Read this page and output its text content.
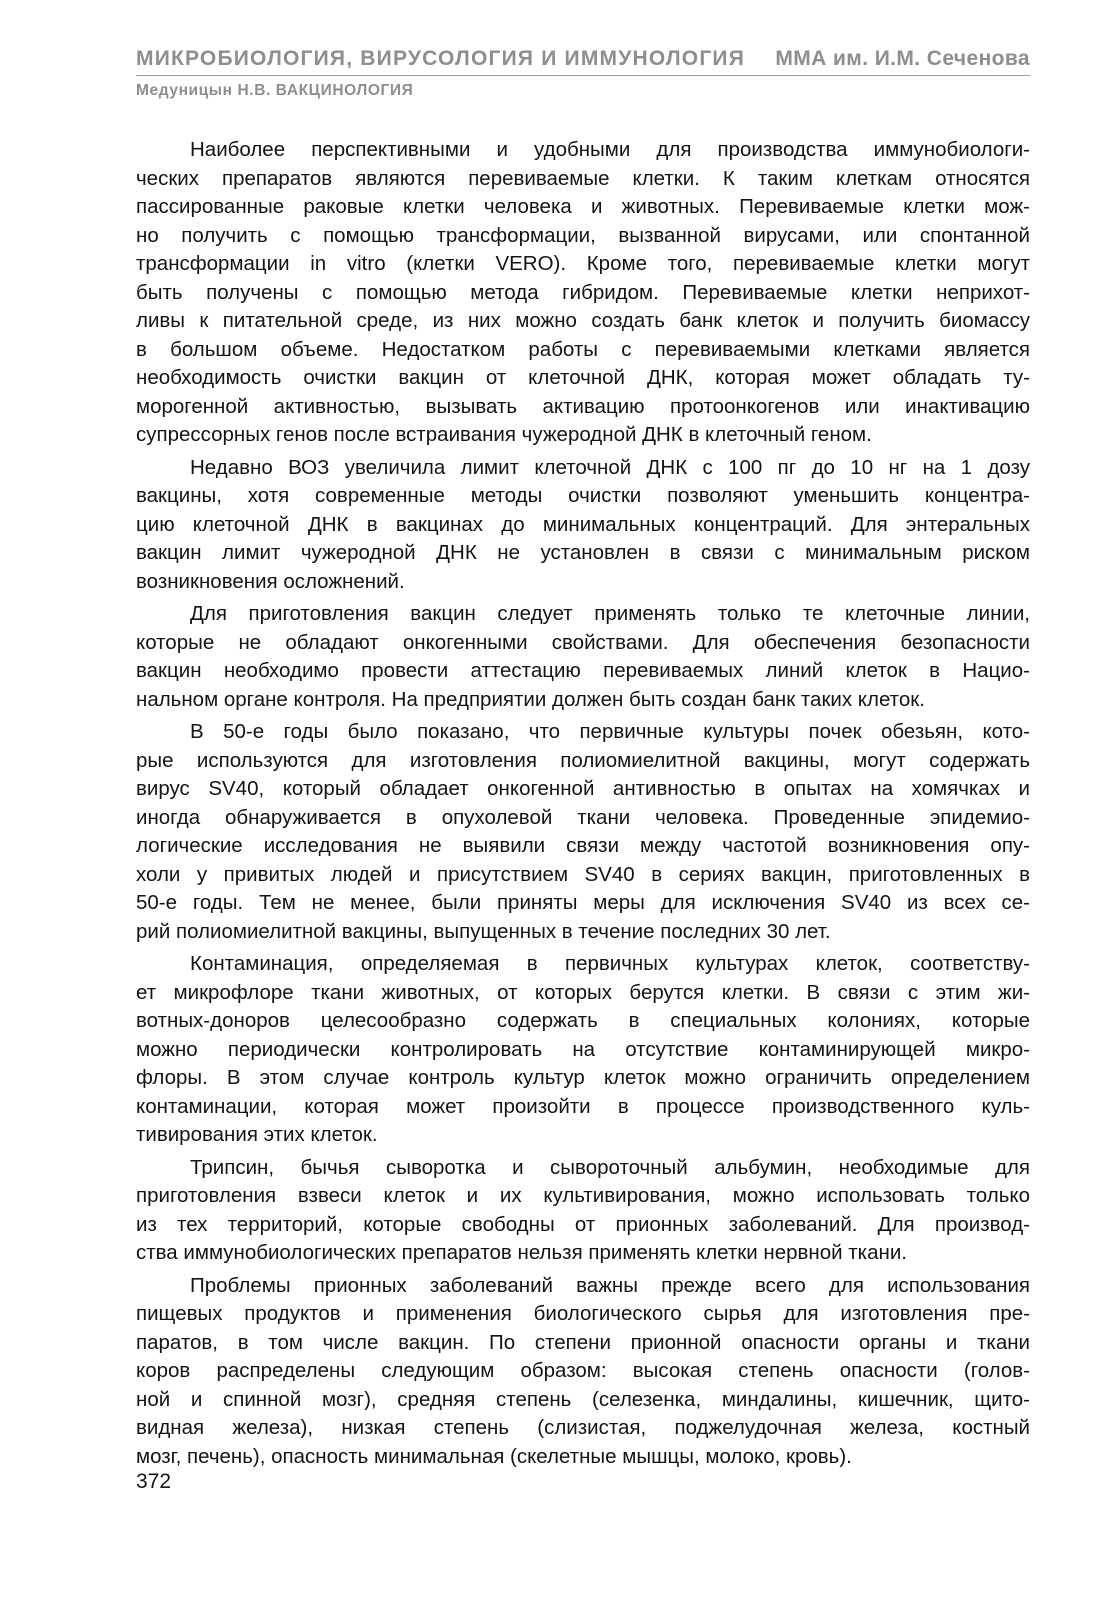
МИКРОБИОЛОГИЯ, ВИРУСОЛОГИЯ И ИММУНОЛОГИЯ ММА им. И.М. Сеченова
Медуницын Н.В. ВАКЦИНОЛОГИЯ

Наиболее перспективными и удобными для производства иммунобиологи-
ческих препаратов являются перевиваемые клетки. К таким клеткам относятся
пассированные раковые клетки человека и животных. Перевиваемые клетки мож-
но получить с помощью трансформации, вызванной вирусами, или спонтанной
трансформации in vitro (клетки VERO). Кроме того, перевиваемые клетки могут
быть получены с помощью метода гибридом. Перевиваемые клетки неприхот-
ливы к питательной среде, из них можно создать банк клеток и получить биомассу
в большом объеме. Недостатком работы с перевиваемыми клетками является
необходимость очистки вакцин от клеточной ДНК, которая может обладать ту-
морогенной активностью, вызывать активацию протоонкогенов или инактивацию
супрессорных генов после встраивания чужеродной ДНК в клеточный геном.

Недавно ВОЗ увеличила лимит клеточной ДНК с 100 пг до 10 нг на 1 дозу
вакцины, хотя современные методы очистки позволяют уменьшить концентра-
цию клеточной ДНК в вакцинах до минимальных концентраций. Для энтеральных
вакцин лимит чужеродной ДНК не установлен в связи с минимальным риском
возникновения осложнений.

Для приготовления вакцин следует применять только те клеточные линии,
которые не обладают онкогенными свойствами. Для обеспечения безопасности
вакцин необходимо провести аттестацию перевиваемых линий клеток в Нацио-
нальном органе контроля. На предприятии должен быть создан банк таких клеток.

В 50-е годы было показано, что первичные культуры почек обезьян, кото-
рые используются для изготовления полиомиелитной вакцины, могут содержать
вирус SV40, который обладает онкогенной антивностью в опытах на хомячках и
иногда обнаруживается в опухолевой ткани человека. Проведенные эпидемио-
логические исследования не выявили связи между частотой возникновения опу-
холи у привитых людей и присутствием SV40 в сериях вакцин, приготовленных в
50-е годы. Тем не менее, были приняты меры для исключения SV40 из всех се-
рий полиомиелитной вакцины, выпущенных в течение последних 30 лет.

Контаминация, определяемая в первичных культурах клеток, соответству-
ет микрофлоре ткани животных, от которых берутся клетки. В связи с этим жи-
вотных-доноров целесообразно содержать в специальных колониях, которые
можно периодически контролировать на отсутствие контаминирующей микро-
флоры. В этом случае контроль культур клеток можно ограничить определением
контаминации, которая может произойти в процессе производственного куль-
тивирования этих клеток.

Трипсин, бычья сыворотка и сывороточный альбумин, необходимые для
приготовления взвеси клеток и их культивирования, можно использовать только
из тех территорий, которые свободны от прионных заболеваний. Для производ-
ства иммунобиологических препаратов нельзя применять клетки нервной ткани.

Проблемы прионных заболеваний важны прежде всего для использования
пищевых продуктов и применения биологического сырья для изготовления пре-
паратов, в том числе вакцин. По степени прионной опасности органы и ткани
коров распределены следующим образом: высокая степень опасности (голов-
ной и спинной мозг), средняя степень (селезенка, миндалины, кишечник, щито-
видная железа), низкая степень (слизистая, поджелудочная железа, костный
мозг, печень), опасность минимальная (скелетные мышцы, молоко, кровь).

372
